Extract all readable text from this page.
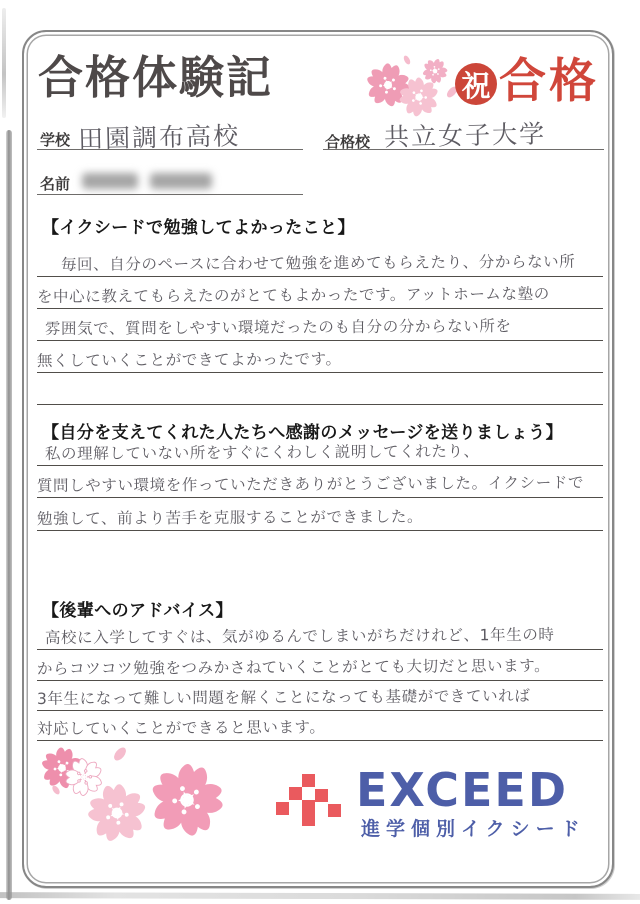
合格体験記	祝 合格
学校 田園調布高校	合格校 共立女子大学
名前
【イクシードで勉強してよかったこと】
毎回、自分のペースに合わせて勉強を進めてもらえたり、分からない所
を中心に教えてもらえたのがとてもよかったです。アットホームな塾の
雰囲気で、質問をしやすい環境だったのも自分の分からない所を
無くしていくことができてよかったです。
【自分を支えてくれた人たちへ感謝のメッセージを送りましょう】
私の理解していない所をすぐにくわしく説明してくれたり、
質問しやすい環境を作っていただきありがとうございました。イクシードで
勉強して、前より苦手を克服することができました。
【後輩へのアドバイス】
高校に入学してすぐは、気がゆるんでしまいがちだけれど、1年生の時
からコツコツ勉強をつみかさねていくことがとても大切だと思います。
3年生になって難しい問題を解くことになっても基礎ができていれば
対応していくことができると思います。
EXCEED
進学個別イクシード
